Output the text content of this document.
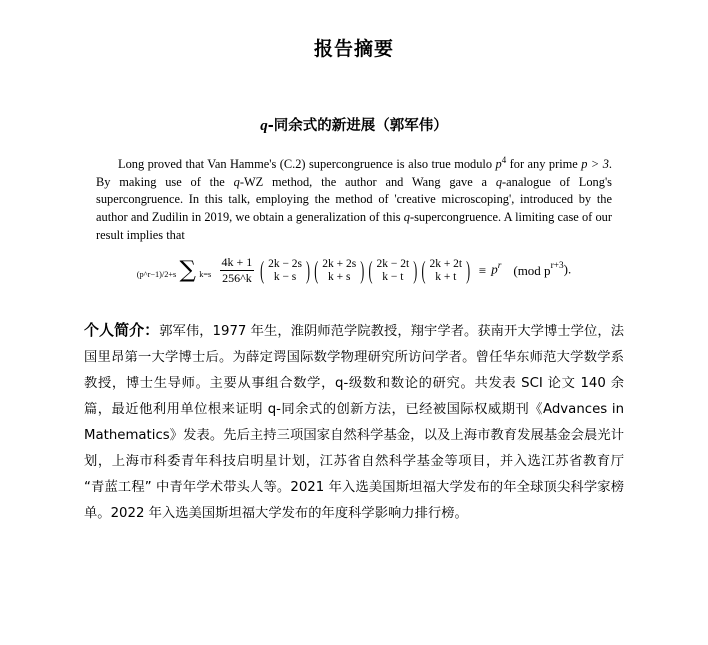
报告摘要
q-同余式的新进展（郭军伟）
Long proved that Van Hamme's (C.2) supercongruence is also true modulo $p^4$ for any prime p > 3. By making use of the q-WZ method, the author and Wang gave a q-analogue of Long's supercongruence. In this talk, employing the method of 'creative microscoping', introduced by the author and Zudilin in 2019, we obtain a generalization of this q-supercongruence. A limiting case of our result implies that
(p^r−1)/2+s ∑ $k=s \frac{4k + 1}{256\^{}k}$
( 2k − 2s
k − s )
( 2k + 2s
k + s )
( 2k − 2t
k − t )
( 2k + 2t
k + t ) ≡ $p^r$ (mod $p^{r+3}$).
个人简介：郭军伟，1977 年生，淮阴师范学院教授，翔宇学者。获南开大学博士学位，法国里昂第一大学博士后。为薛定谔国际数学物理研究所访问学者。曾任华东师范大学数学系教授，博士生导师。主要从事组合数学，q-级数和数论的研究。共发表 SCI 论文 140 余篇，最近他利用单位根来证明 q-同余式的创新方法，已经被国际权威期刊《Advances in Mathematics》发表。先后主持三项国家自然科学基金，以及上海市教育发展基金会晨光计划，上海市科委青年科技启明星计划，江苏省自然科学基金等项目，并入选江苏省教育厅 “青蓝工程” 中青年学术带头人等。2021 年入选美国斯坦福大学发布的年全球顶尖科学家榜单。2022 年入选美国斯坦福大学发布的年度科学影响力排行榜。
